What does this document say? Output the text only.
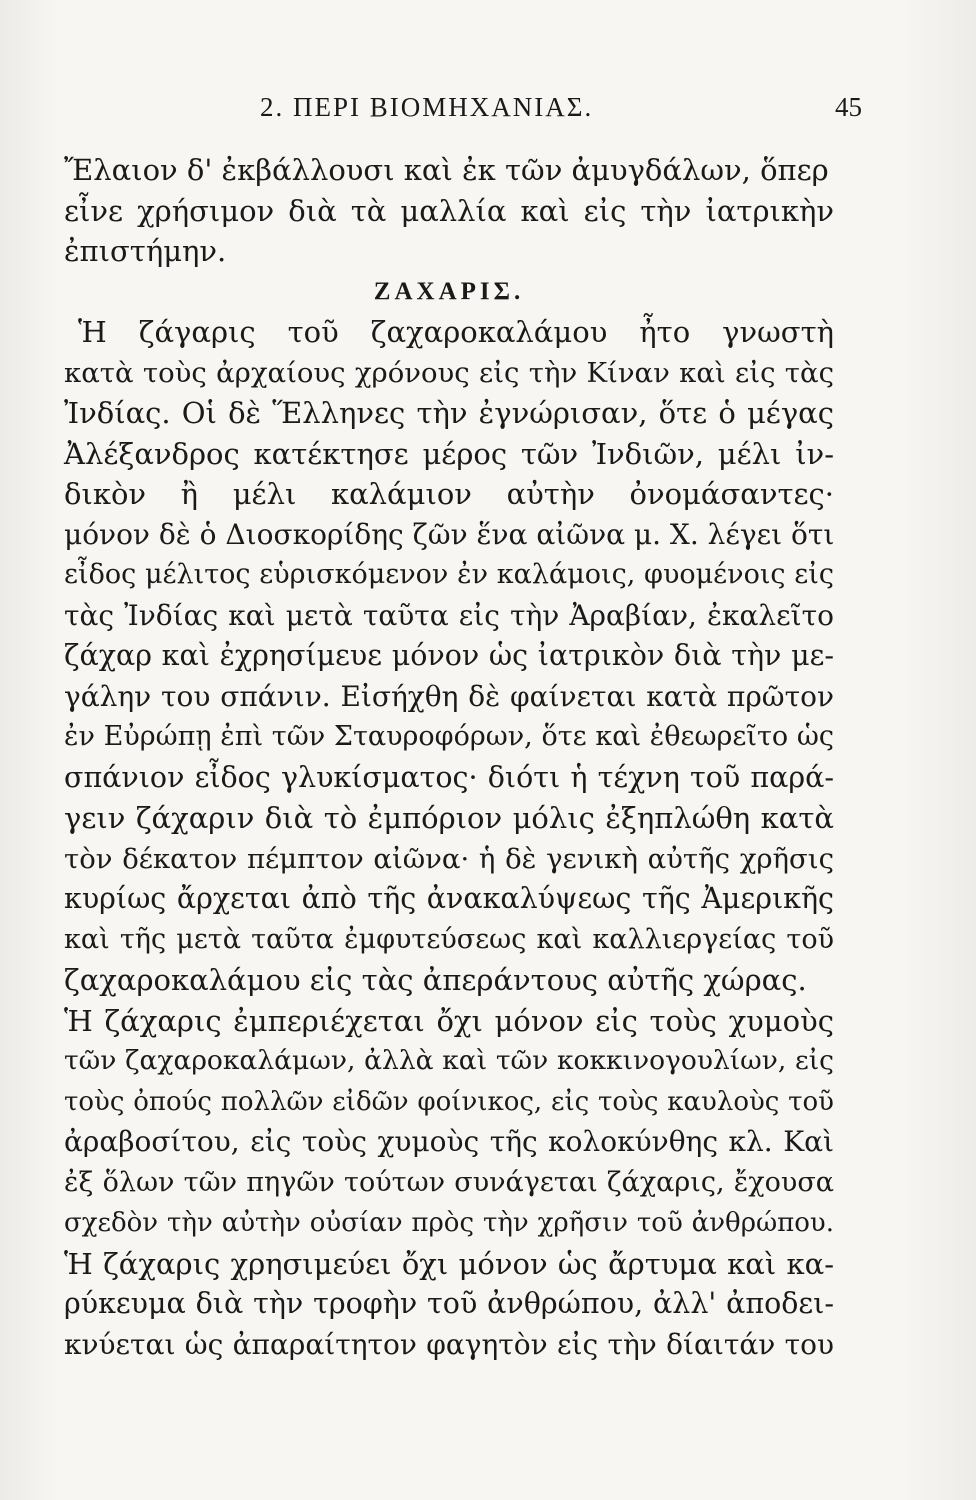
2. ΠΕΡΙ ΒΙΟΜΗΧΑΝΙΑΣ.	45
Ἔλαιον δ' ἐκβάλλουσι καὶ ἐκ τῶν ἀμυγδάλων, ὅπερ
εἶνε χρήσιμον διὰ τὰ μαλλία καὶ εἰς τὴν ἰατρικὴν
ἐπιστήμην.
ΖΑΧΑΡΙΣ.
Ἡ ζάγαρις τοῦ ζαχαροκαλάμου ἦτο γνωστὴ
κατὰ τοὺς ἀρχαίους χρόνους εἰς τὴν Κίναν καὶ εἰς τὰς
Ἰνδίας. Οἱ δὲ Ἕλληνες τὴν ἐγνώρισαν, ὅτε ὁ μέγας
Ἀλέξανδρος κατέκτησε μέρος τῶν Ἰνδιῶν, μέλι ἰν-
δικὸν ἢ μέλι καλάμιον αὐτὴν ὀνομάσαντες·
μόνον δὲ ὁ Διοσκορίδης ζῶν ἕνα αἰῶνα μ. Χ. λέγει ὅτι
εἶδος μέλιτος εὑρισκόμενον ἐν καλάμοις, φυομένοις εἰς
τὰς Ἰνδίας καὶ μετὰ ταῦτα εἰς τὴν Ἀραβίαν, ἐκαλεῖτο
ζάχαρ καὶ ἐχρησίμευε μόνον ὡς ἰατρικὸν διὰ τὴν με-
γάλην του σπάνιν. Εἰσήχθη δὲ φαίνεται κατὰ πρῶτον
ἐν Εὐρώπῃ ἐπὶ τῶν Σταυροφόρων, ὅτε καὶ ἐθεωρεῖτο ὡς
σπάνιον εἶδος γλυκίσματος· διότι ἡ τέχνη τοῦ παρά-
γειν ζάχαριν διὰ τὸ ἐμπόριον μόλις ἐξηπλώθη κατὰ
τὸν δέκατον πέμπτον αἰῶνα· ἡ δὲ γενικὴ αὐτῆς χρῆσις
κυρίως ἄρχεται ἀπὸ τῆς ἀνακαλύψεως τῆς Ἀμερικῆς
καὶ τῆς μετὰ ταῦτα ἐμφυτεύσεως καὶ καλλιεργείας τοῦ
ζαχαροκαλάμου εἰς τὰς ἀπεράντους αὐτῆς χώρας.
Ἡ ζάχαρις ἐμπεριέχεται ὄχι μόνον εἰς τοὺς χυμοὺς
τῶν ζαχαροκαλάμων, ἀλλὰ καὶ τῶν κοκκινογουλίων, εἰς
τοὺς ὀπούς πολλῶν εἰδῶν φοίνικος, εἰς τοὺς καυλοὺς τοῦ
ἀραβοσίτου, εἰς τοὺς χυμοὺς τῆς κολοκύνθης κλ. Καὶ
ἐξ ὅλων τῶν πηγῶν τούτων συνάγεται ζάχαρις, ἔχουσα
σχεδὸν τὴν αὐτὴν οὐσίαν πρὸς τὴν χρῆσιν τοῦ ἀνθρώπου.
Ἡ ζάχαρις χρησιμεύει ὄχι μόνον ὡς ἄρτυμα καὶ κα-
ρύκευμα διὰ τὴν τροφὴν τοῦ ἀνθρώπου, ἀλλ' ἀποδει-
κνύεται ὡς ἀπαραίτητον φαγητὸν εἰς τὴν δίαιτάν του
